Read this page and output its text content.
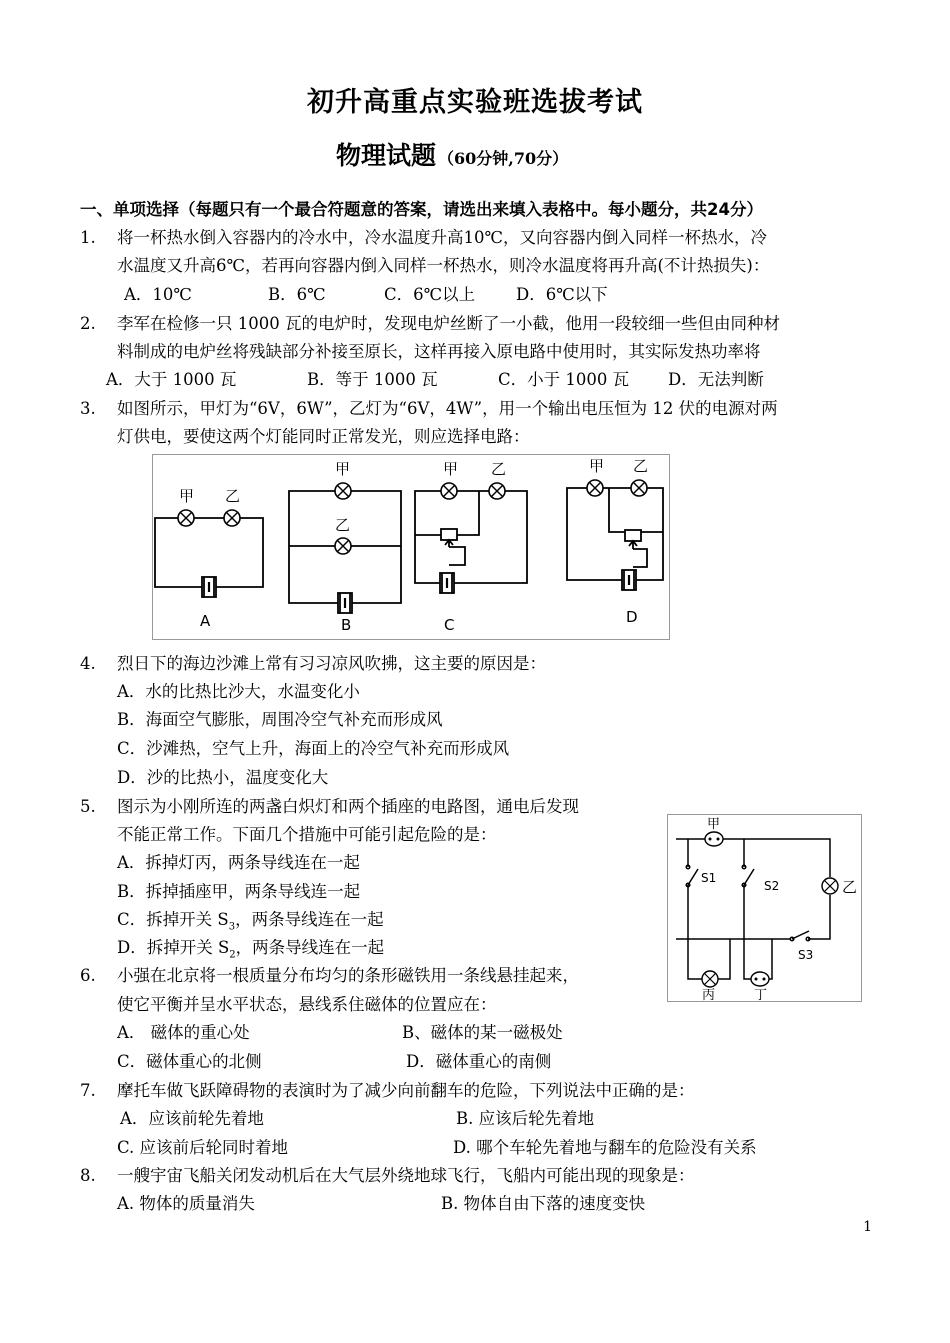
初升高重点实验班选拔考试
物理试题 （60分钟,70分）
一、单项选择（每题只有一个最合符题意的答案，请选出来填入表格中。每小题分，共24分）
1. 将一杯热水倒入容器内的冷水中，冷水温度升高10℃，又向容器内倒入同样一杯热水，冷
水温度又升高6℃，若再向容器内倒入同样一杯热水，则冷水温度将再升高(不计热损失)：
A．10℃	B．6℃	C．6℃以上 D．6℃以下
2. 李军在检修一只 1000 瓦的电炉时，发现电炉丝断了一小截，他用一段较细一些但由同种材
料制成的电炉丝将残缺部分补接至原长，这样再接入原电路中使用时，其实际发热功率将
A．大于 1000 瓦	B．等于 1000 瓦	C．小于 1000 瓦 D．无法判断
3. 如图所示，甲灯为“6V，6W”，乙灯为“6V，4W”，用一个输出电压恒为 12 伏的电源对两
灯供电，要使这两个灯能同时正常发光，则应选择电路：
甲 乙
A
甲
乙
B
甲 乙
C
甲 乙
D
4. 烈日下的海边沙滩上常有习习凉风吹拂，这主要的原因是：
A．水的比热比沙大，水温变化小
B．海面空气膨胀，周围冷空气补充而形成风
C．沙滩热，空气上升，海面上的冷空气补充而形成风
D．沙的比热小，温度变化大
5. 图示为小刚所连的两盏白炽灯和两个插座的电路图，通电后发现
不能正常工作。下面几个措施中可能引起危险的是：
A．拆掉灯丙，两条导线连在一起
B．拆掉插座甲，两条导线连一起
C．拆掉开关 $S_3$，两条导线连在一起
D．拆掉开关 $S_2$，两条导线连在一起
甲
乙
丙	丁
S1
S2
S3
6. 小强在北京将一根质量分布均匀的条形磁铁用一条线悬挂起来，
使它平衡并呈水平状态，悬线系住磁体的位置应在：
A． 磁体的重心处	B、磁体的某一磁极处
C．磁体重心的北侧	D．磁体重心的南侧
7. 摩托车做飞跃障碍物的表演时为了减少向前翻车的危险，下列说法中正确的是：
A．应该前轮先着地	B. 应该后轮先着地
C. 应该前后轮同时着地	D. 哪个车轮先着地与翻车的危险没有关系
8. 一艘宇宙飞船关闭发动机后在大气层外绕地球飞行，飞船内可能出现的现象是：
A. 物体的质量消失	B. 物体自由下落的速度变快
1
